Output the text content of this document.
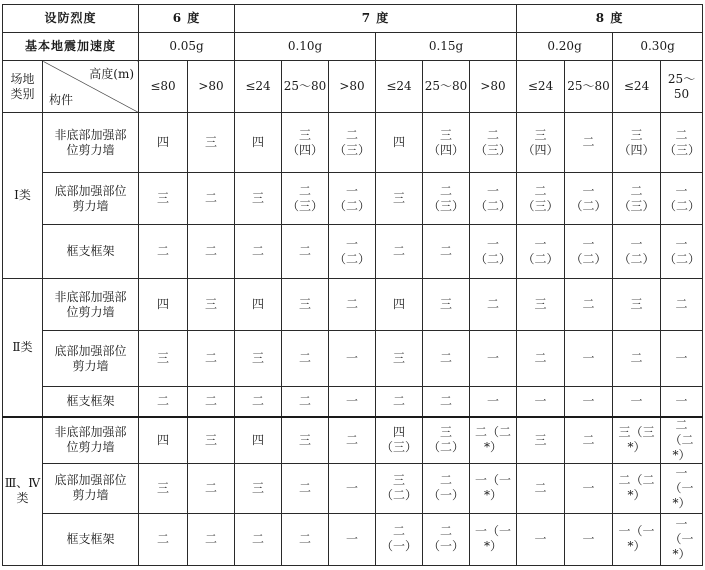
设防烈度		6 度		7 度						8 度			
基本地震加速度		0.05g		0.10g			0.15g			0.20g		0.30g	
场地类别	高度(m)
构件	≤80	>80	≤24	25～80	>80	≤24	25～80	>80	≤24	25～80	≤24	25～50
Ⅰ类	非底部加强部位剪力墙	四	三	四	三（四）	二（三）	四	三（四）	二（三）	三（四）	二	三（四）	二（三）
	底部加强部位剪力墙	三	二	三	二（三）	一（二）	三	二（三）	一（二）	二（三）	一（二）	二（三）	一（二）
	框支框架	二	二	二	二	一（二）	二	二	一（二）	一（二）	一（二）	一（二）	一（二）
Ⅱ类	非底部加强部位剪力墙	四	三	四	三	二	四	三	二	三	二	三	二
	底部加强部位剪力墙	三	二	三	二	一	三	二	一	二	一	二	一
	框支框架	二	二	二	二	一	二	二	一	一	一	一	一
Ⅲ、Ⅳ类	非底部加强部位剪力墙	四	三	四	三	二	四（三）	三（二）	二（二*）	三	二	三（三*）	二（二*）
	底部加强部位剪力墙	三	二	三	二	一	三（二）	二（一）	一（一*）	二	一	二（二*）	一（一*）
	框支框架	二	二	二	二	一	二（一）	二（一）	一（一*）	一	一	一（一*）	一（一*）
